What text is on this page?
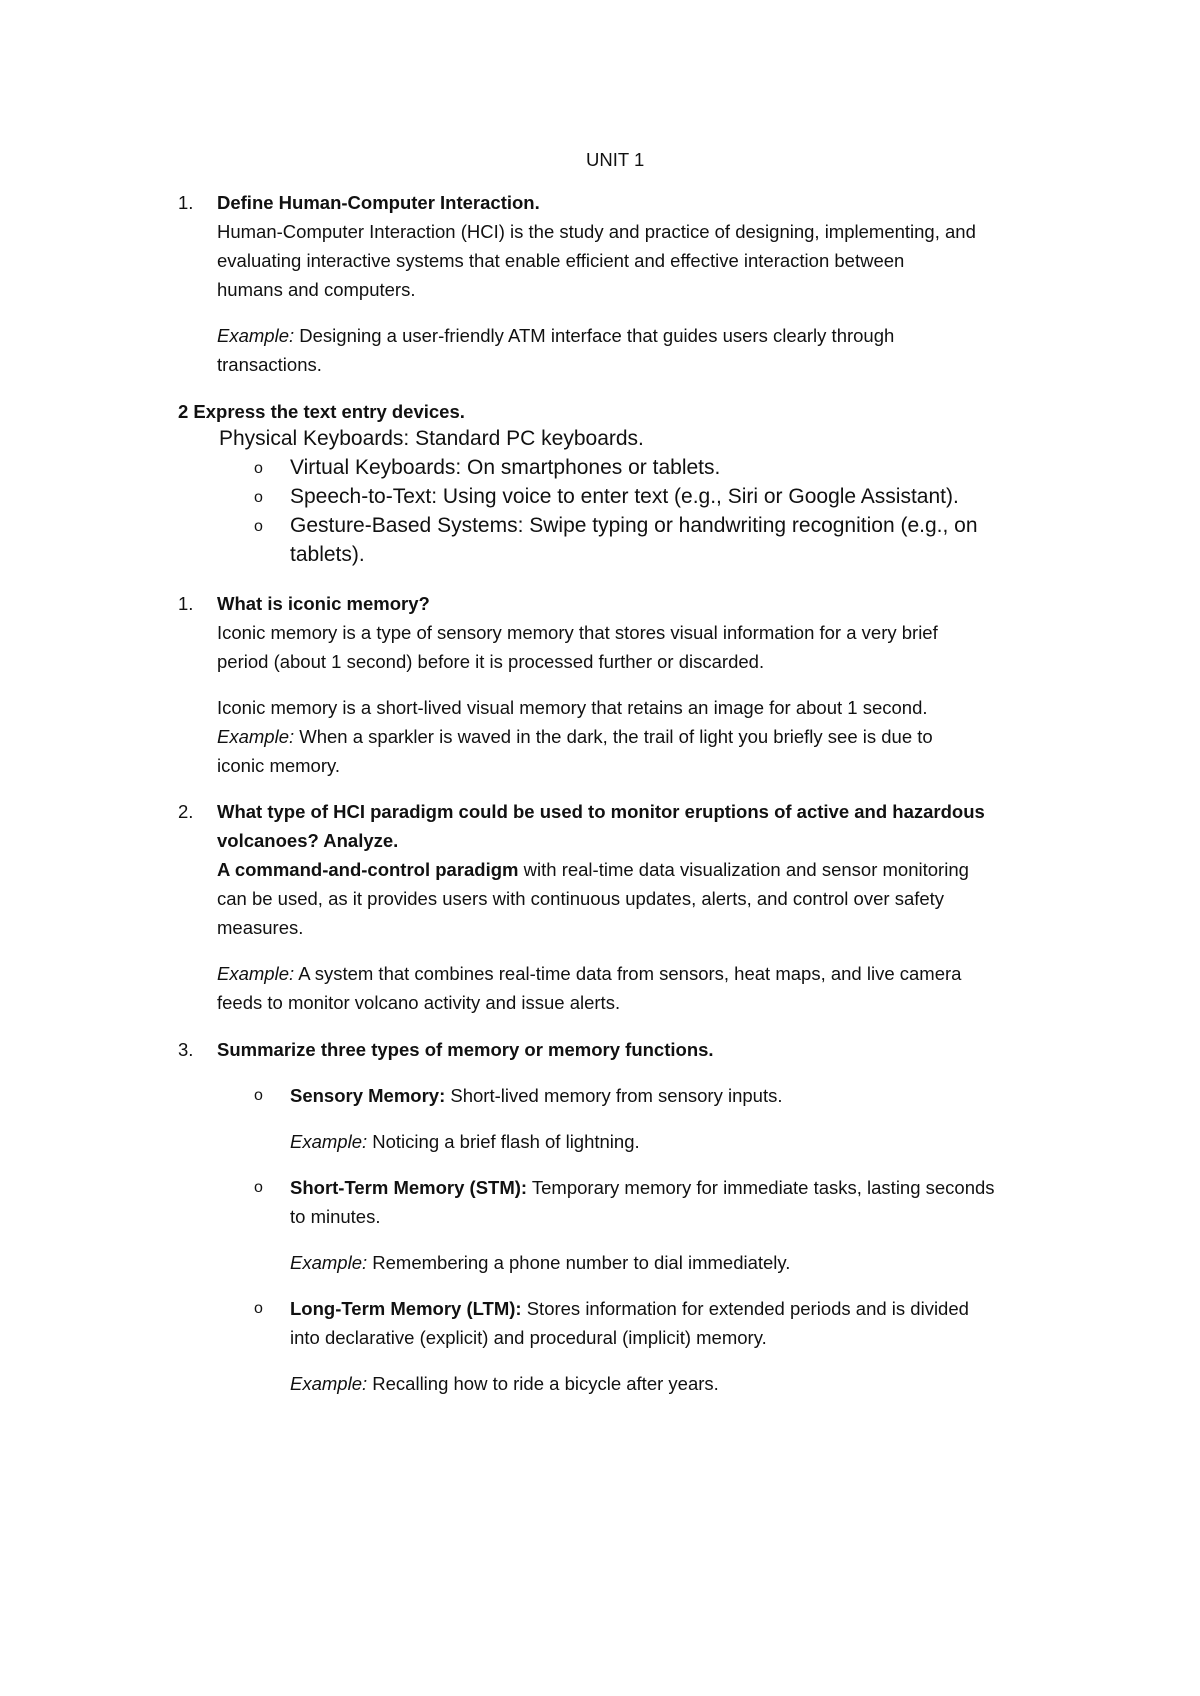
UNIT 1

1. Define Human-Computer Interaction.

Human-Computer Interaction (HCI) is the study and practice of designing, implementing, and

evaluating interactive systems that enable efficient and effective interaction between

humans and computers.

Example: Designing a user-friendly ATM interface that guides users clearly through

transactions.

2 Express the text entry devices.

Physical Keyboards: Standard PC keyboards.

o Virtual Keyboards: On smartphones or tablets.

o Speech-to-Text: Using voice to enter text (e.g., Siri or Google Assistant).

o Gesture-Based Systems: Swipe typing or handwriting recognition (e.g., on

tablets).

1. What is iconic memory?

Iconic memory is a type of sensory memory that stores visual information for a very brief

period (about 1 second) before it is processed further or discarded.

Iconic memory is a short-lived visual memory that retains an image for about 1 second.

Example: When a sparkler is waved in the dark, the trail of light you briefly see is due to

iconic memory.

2. What type of HCI paradigm could be used to monitor eruptions of active and hazardous

volcanoes? Analyze.

A command-and-control paradigm with real-time data visualization and sensor monitoring

can be used, as it provides users with continuous updates, alerts, and control over safety

measures.

Example: A system that combines real-time data from sensors, heat maps, and live camera

feeds to monitor volcano activity and issue alerts.

3. Summarize three types of memory or memory functions.

o Sensory Memory: Short-lived memory from sensory inputs.

Example: Noticing a brief flash of lightning.

o Short-Term Memory (STM): Temporary memory for immediate tasks, lasting seconds

to minutes.

Example: Remembering a phone number to dial immediately.

o Long-Term Memory (LTM): Stores information for extended periods and is divided

into declarative (explicit) and procedural (implicit) memory.

Example: Recalling how to ride a bicycle after years.
